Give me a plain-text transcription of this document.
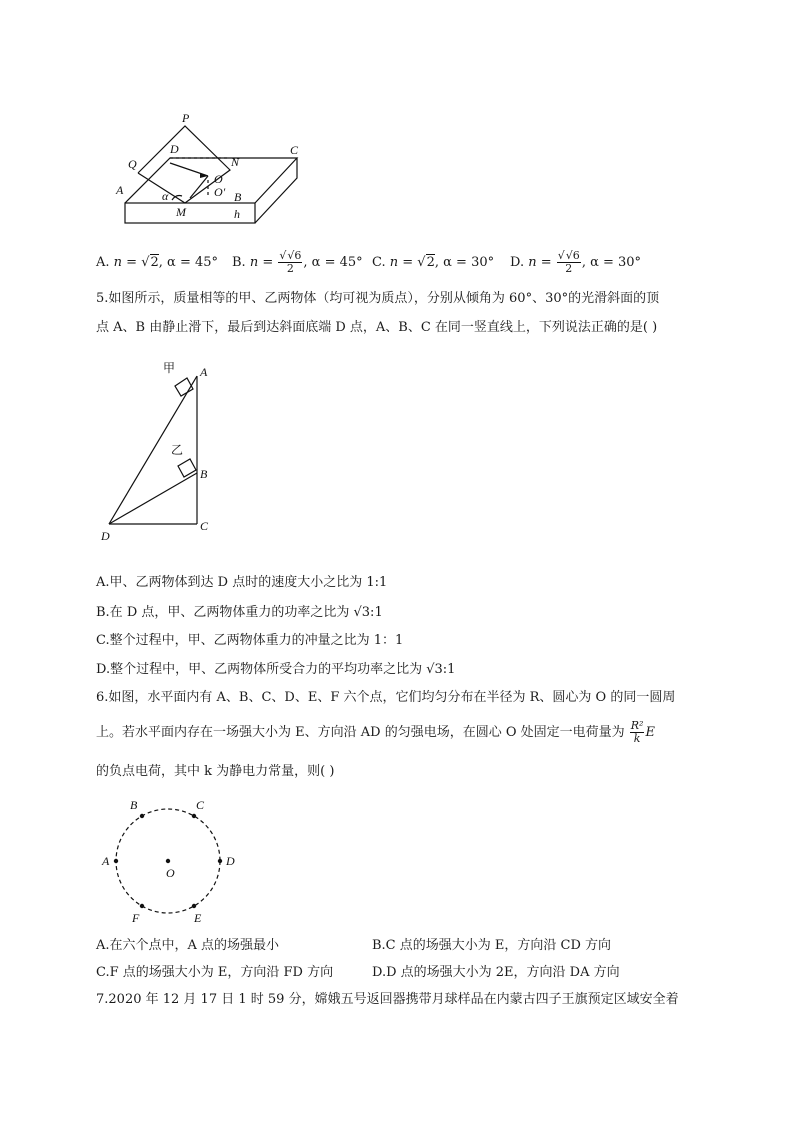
P
Q
D
N
C
O
O′
A	B
α
M	h
A. n = √2, α = 45° B. $n = \frac{√√6}{2}$ , α = 45° C. n = √2, α = 30° D. $n = \frac{√√6}{2}$ , α = 30°
5.如图所示，质量相等的甲、乙两物体（均可视为质点），分别从倾角为 60°、30°的光滑斜面的顶
点 A、B 由静止滑下，最后到达斜面底端 D 点，A、B、C 在同一竖直线上，下列说法正确的是( )
甲 A
乙
B
D
C
A.甲、乙两物体到达 D 点时的速度大小之比为 1:1
B.在 D 点，甲、乙两物体重力的功率之比为 √3:1
C.整个过程中，甲、乙两物体重力的冲量之比为 1：1
D.整个过程中，甲、乙两物体所受合力的平均功率之比为 √3:1
6.如图，水平面内有 A、B、C、D、E、F 六个点，它们均匀分布在半径为 R、圆心为 O 的同一圆周
上。若水平面内存在一场强大小为 E、方向沿 AD 的匀强电场，在圆心 O 处固定一电荷量为 $\frac{\text{R²}}{k}$ E
的负点电荷，其中 k 为静电力常量，则( )
A
B	C
D
E
F
O
A.在六个点中，A 点的场强最小	B.C 点的场强大小为 E，方向沿 CD 方向
C.F 点的场强大小为 E，方向沿 FD 方向	D.D 点的场强大小为 2E，方向沿 DA 方向
7.2020 年 12 月 17 日 1 时 59 分，嫦娥五号返回器携带月球样品在内蒙古四子王旗预定区域安全着
